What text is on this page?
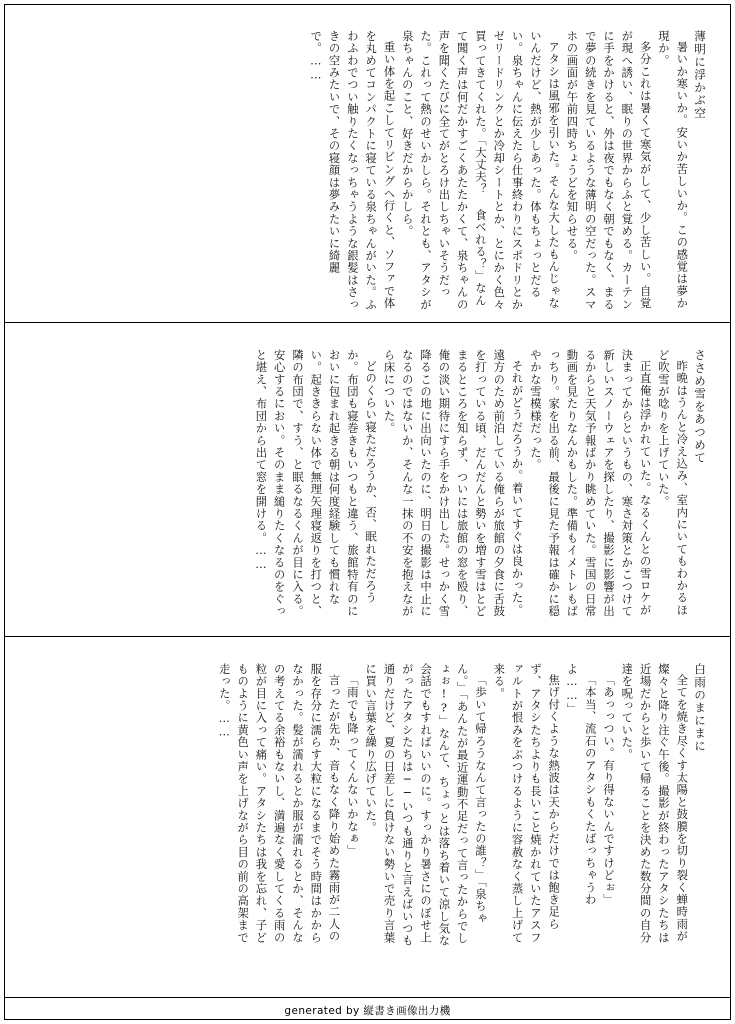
薄明に浮かぶ空

暑いか寒いか。安いか苦しいか。この感覚は夢か現か。

多分これは暑くて寒気がして、少し苦しい。自覚が現へ誘い、眠りの世界からふと覚める。カーテンに手をかけると、外は夜でもなく朝でもなく、まるで夢の続きを見ているような薄明の空だった。スマホの画面が午前四時ちょうどを知らせる。

アタシは風邪を引いた。そんな大したもんじゃないんだけど、熱が少しあった。体もちょっとだるい。泉ちゃんに伝えたら仕事終わりにスポドリとかゼリードリンクとか冷却シートとか、とにかく色々買ってきてくれた。「大丈夫？ 食べれる？」なんて聞く声は何だかすごくあたたかくて、泉ちゃんの声を聞くたびに全てがとろけ出しちゃいそうだった。これって熱のせいかしら。それとも、アタシが泉ちゃんのこと、好きだからかしら。

重い体を起こしてリビングへ行くと、ソファで体を丸めてコンパクトに寝ている泉ちゃんがいた。ふわふわでつい触りたくなっちゃうような銀髪はさっきの空みたいで、その寝顔は夢みたいに綺麗で。……

ささめ雪をあつめて

昨晩はうんと冷え込み、室内にいてもわかるほど吹雪が唸りを上げていた。

正直俺は浮かれていた。なるくんとの雪ロケが決まってからというもの、寒さ対策とかこつけて新しいスノーウェアを探したり、撮影に影響が出るからと天気予報ばかり眺めていた。雪国の日常動画を見たりなんかもした。準備もイメトレもばっちり。家を出る前、最後に見た予報は確かに穏やかな雪模様だった。

それがどうだろうか。着いてすぐは良かった。遠方のため前泊している俺らが旅館の夕食に舌鼓を打っている頃、だんだんと勢いを増す雪はとどまるところを知らず、ついには旅館の窓を殴り、俺の淡い期待にすら手をかけ出した。せっかく雪降るこの地に出向いたのに、明日の撮影は中止になるのではないか、そんな一抹の不安を抱えながら床についた。

どのくらい寝ただろうか、否、眠れただろうか。布団も寝巻きもいつもと違う、旅館特有のにおいに包まれ起きる朝は何度経験しても慣れない。起ききらない体で無理矢理寝返りを打つと、隣の布団で、すう、と眠るなるくんが目に入る。安心するにおい。そのまま縋りたくなるのをぐっと堪え、布団から出て窓を開ける。……

白雨のまにまに

全てを焼き尽くす太陽と鼓膜を切り裂く蝉時雨が燦々と降り注ぐ午後。撮影が終わったアタシたちは近場だからと歩いて帰ることを決めた数分間の自分達を呪っていた。

「あっっつい。有り得ないんですけどぉ」

「本当、流石のアタシもくたばっちゃうわよ……」

焦げ付くような熱波は天からだけでは飽き足らず、アタシたちよりも長いこと焼かれていたアスファルトが恨みをぶつけるように容赦なく蒸し上げて来る。

「歩いて帰ろうなんて言ったの誰？」「泉ちゃん。」「あんたが最近運動不足だって言ったからでしょぉ!?」なんて、ちょっとは落ち着いて涼し気な会話でもすればいいのに。すっかり暑さにのぼせ上がったアタシたちは──いつも通りと言えばいつも通りだけど、夏の日差しに負けない勢いで売り言葉に買い言葉を繰り広げていた。

「雨でも降ってくんないかなぁ」

言ったが先か、音もなく降り始めた霧雨が二人の服を存分に濡らす大粒になるまでそう時間はかからなかった。髪が濡れるとか服が濡れるとか、そんなの考えてる余裕もないし、満遍なく愛してくる雨の粒が目に入って痛い。アタシたちは我を忘れ、子どものように黄色い声を上げながら目の前の高架まで走った。……

generated by 縦書き画像出力機
